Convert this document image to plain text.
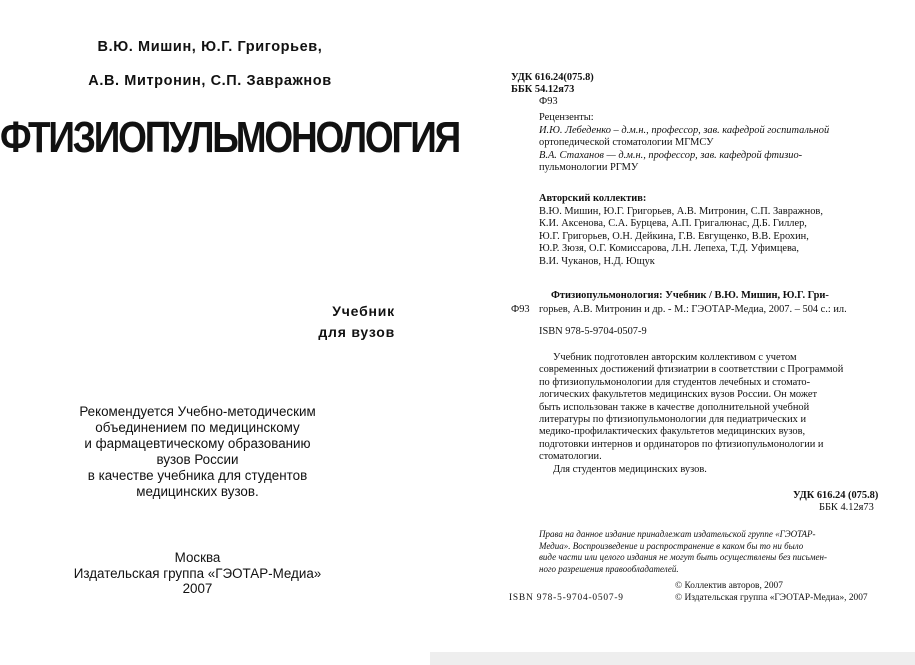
В.Ю. Мишин, Ю.Г. Григорьев,
А.В. Митронин, С.П. Завражнов
ФТИЗИОПУЛЬМОНОЛОГИЯ
Учебник
для вузов
Рекомендуется Учебно-методическим
объединением по медицинскому
и фармацевтическому образованию
вузов России
в качестве учебника для студентов
медицинских вузов.
Москва
Издательская группа «ГЭОТАР-Медиа»
2007
УДК 616.24(075.8)
ББК 54.12я73
Ф93
Рецензенты:
И.Ю. Лебеденко – д.м.н., профессор, зав. кафедрой госпитальной
ортопедической стоматологии МГМСУ
В.А. Стаханов — д.м.н., профессор, зав. кафедрой фтизио-
пульмонологии РГМУ
Авторский коллектив:
В.Ю. Мишин, Ю.Г. Григорьев, А.В. Митронин, С.П. Завражнов,
К.И. Аксенова, С.А. Бурцева, А.П. Григалюнас, Д.Б. Гиллер,
Ю.Г. Григорьев, О.Н. Дейкина, Г.В. Евгущенко, В.В. Ерохин,
Ю.Р. Зюзя, О.Г. Комиссарова, Л.Н. Лепеха, Т.Д. Уфимцева,
В.И. Чуканов, Н.Д. Ющук
Фтизиопульмонология: Учебник / В.Ю. Мишин, Ю.Г. Гри-
Ф93 горьев, А.В. Митронин и др. - М.: ГЭОТАР-Медиа, 2007. – 504 с.: ил.
ISBN 978-5-9704-0507-9
Учебник подготовлен авторским коллективом с учетом
современных достижений фтизиатрии в соответствии с Программой
по фтизиопульмонологии для студентов лечебных и стомато-
логических факультетов медицинских вузов России. Он может
быть использован также в качестве дополнительной учебной
литературы по фтизиопульмонологии для педиатрических и
медико-профилактических факультетов медицинских вузов,
подготовки интернов и ординаторов по фтизиопульмонологии и
стоматологии.
Для студентов медицинских вузов.
УДК 616.24 (075.8)
ББК 4.12я73
Права на данное издание принадлежат издательской группе «ГЭОТАР-
Медиа». Воспроизведение и распространение в каком бы то ни было
виде части или целого издания не могут быть осуществлены без письмен-
ного разрешения правообладателей.
© Коллектив авторов, 2007
ISBN 978-5-9704-0507-9	© Издательская группа «ГЭОТАР-Медиа», 2007
